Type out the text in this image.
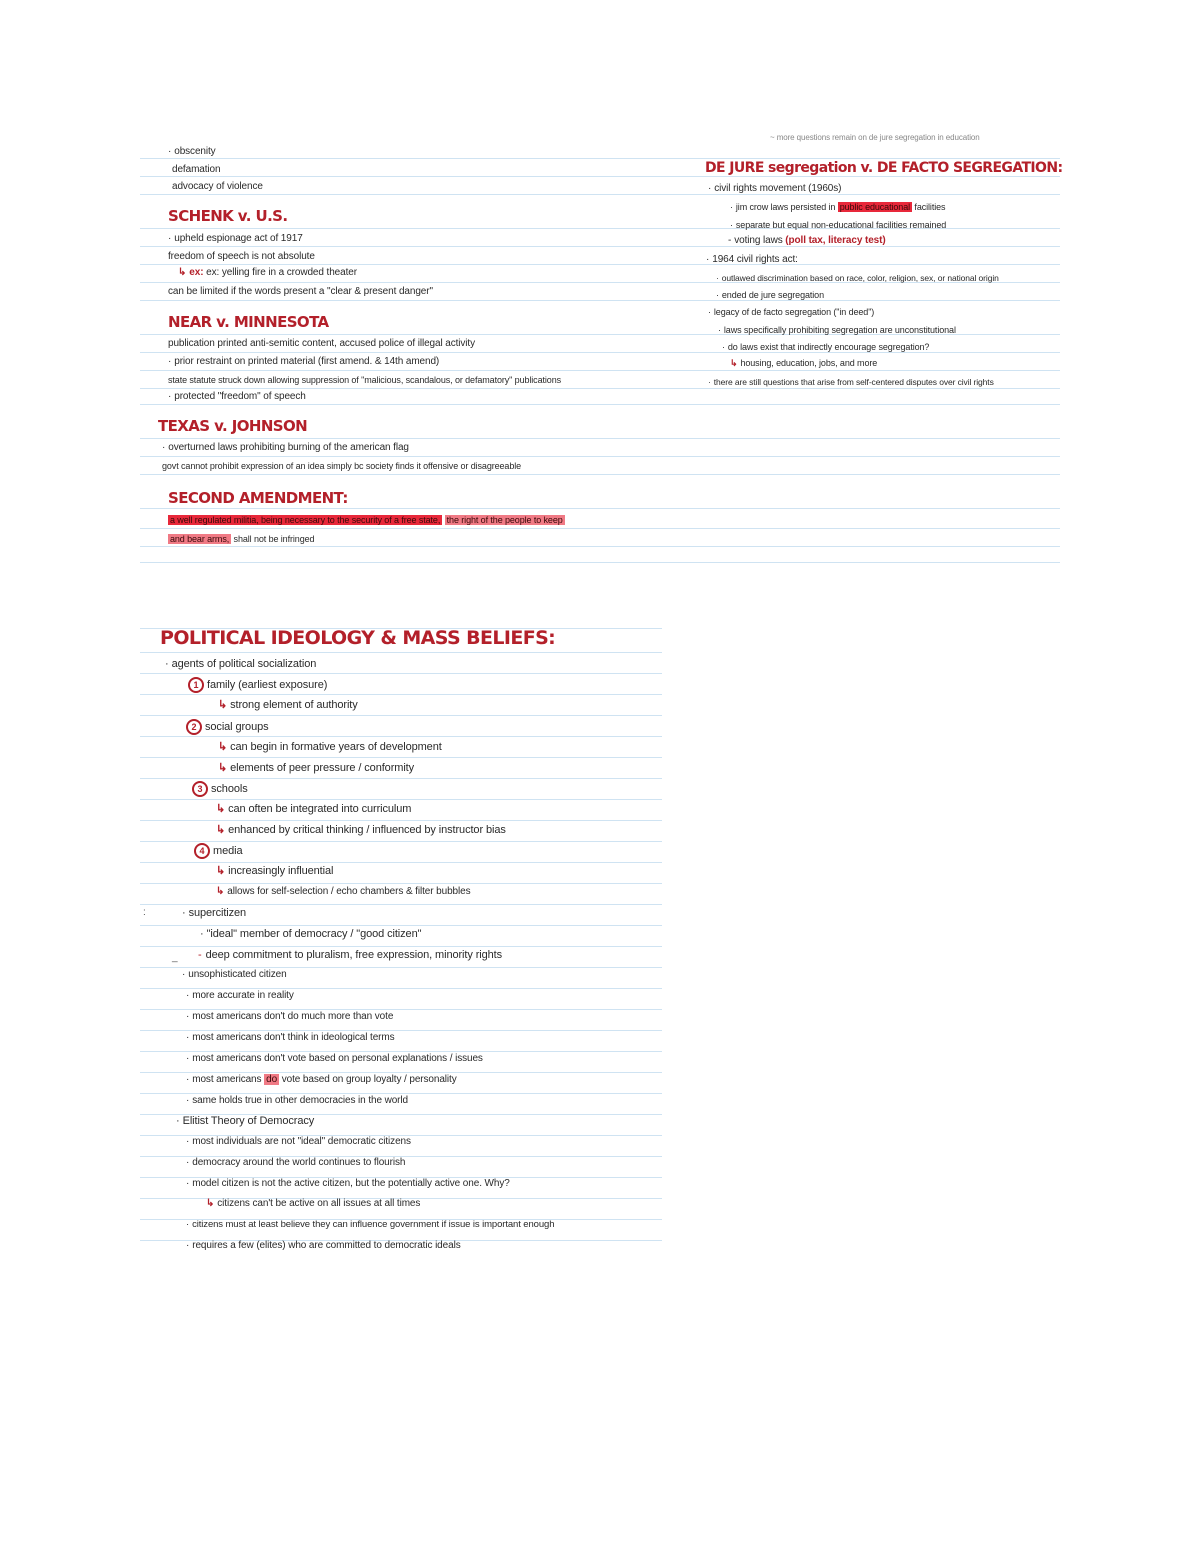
· obscenity
defamation
advocacy of violence
SCHENK v. U.S.
· upheld espionage act of 1917
freedom of speech is not absolute
↳ ex: ex: yelling fire in a crowded theater
can be limited if the words present a "clear & present danger"
NEAR v. MINNESOTA
publication printed anti-semitic content, accused police of illegal activity
· prior restraint on printed material (first amend. & 14th amend)
state statute struck down allowing suppression of "malicious, scandalous, or defamatory" publications
· protected "freedom" of speech
TEXAS v. JOHNSON
· overturned laws prohibiting burning of the american flag
govt cannot prohibit expression of an idea simply bc society finds it offensive or disagreeable
SECOND AMENDMENT:
a well regulated militia, being necessary to the security of a free state, the right of the people to keep
and bear arms, shall not be infringed
~ more questions remain on de jure segregation in education
DE JURE segregation v. DE FACTO SEGREGATION:
· civil rights movement (1960s)
· jim crow laws persisted in public educational facilities
· separate but equal non-educational facilities remained
- voting laws (poll tax, literacy test)
· 1964 civil rights act:
· outlawed discrimination based on race, color, religion, sex, or national origin
· ended de jure segregation
· legacy of de facto segregation ("in deed")
· laws specifically prohibiting segregation are unconstitutional
· do laws exist that indirectly encourage segregation?
↳ housing, education, jobs, and more
· there are still questions that arise from self-centered disputes over civil rights
POLITICAL IDEOLOGY & MASS BELIEFS:
· agents of political socialization
1 family (earliest exposure)
↳ strong element of authority
2 social groups
↳ can begin in formative years of development
↳ elements of peer pressure / conformity
3 schools
↳ can often be integrated into curriculum
↳ enhanced by critical thinking / influenced by instructor bias
4 media
↳ increasingly influential
↳ allows for self-selection / echo chambers & filter bubbles
:	· supercitizen
· "ideal" member of democracy / "good citizen"
_ - deep commitment to pluralism, free expression, minority rights
· unsophisticated citizen
· more accurate in reality
· most americans don't do much more than vote
· most americans don't think in ideological terms
· most americans don't vote based on personal explanations / issues
· most americans do vote based on group loyalty / personality
· same holds true in other democracies in the world
· Elitist Theory of Democracy
· most individuals are not "ideal" democratic citizens
· democracy around the world continues to flourish
· model citizen is not the active citizen, but the potentially active one. Why?
↳ citizens can't be active on all issues at all times
· citizens must at least believe they can influence government if issue is important enough
· requires a few (elites) who are committed to democratic ideals
